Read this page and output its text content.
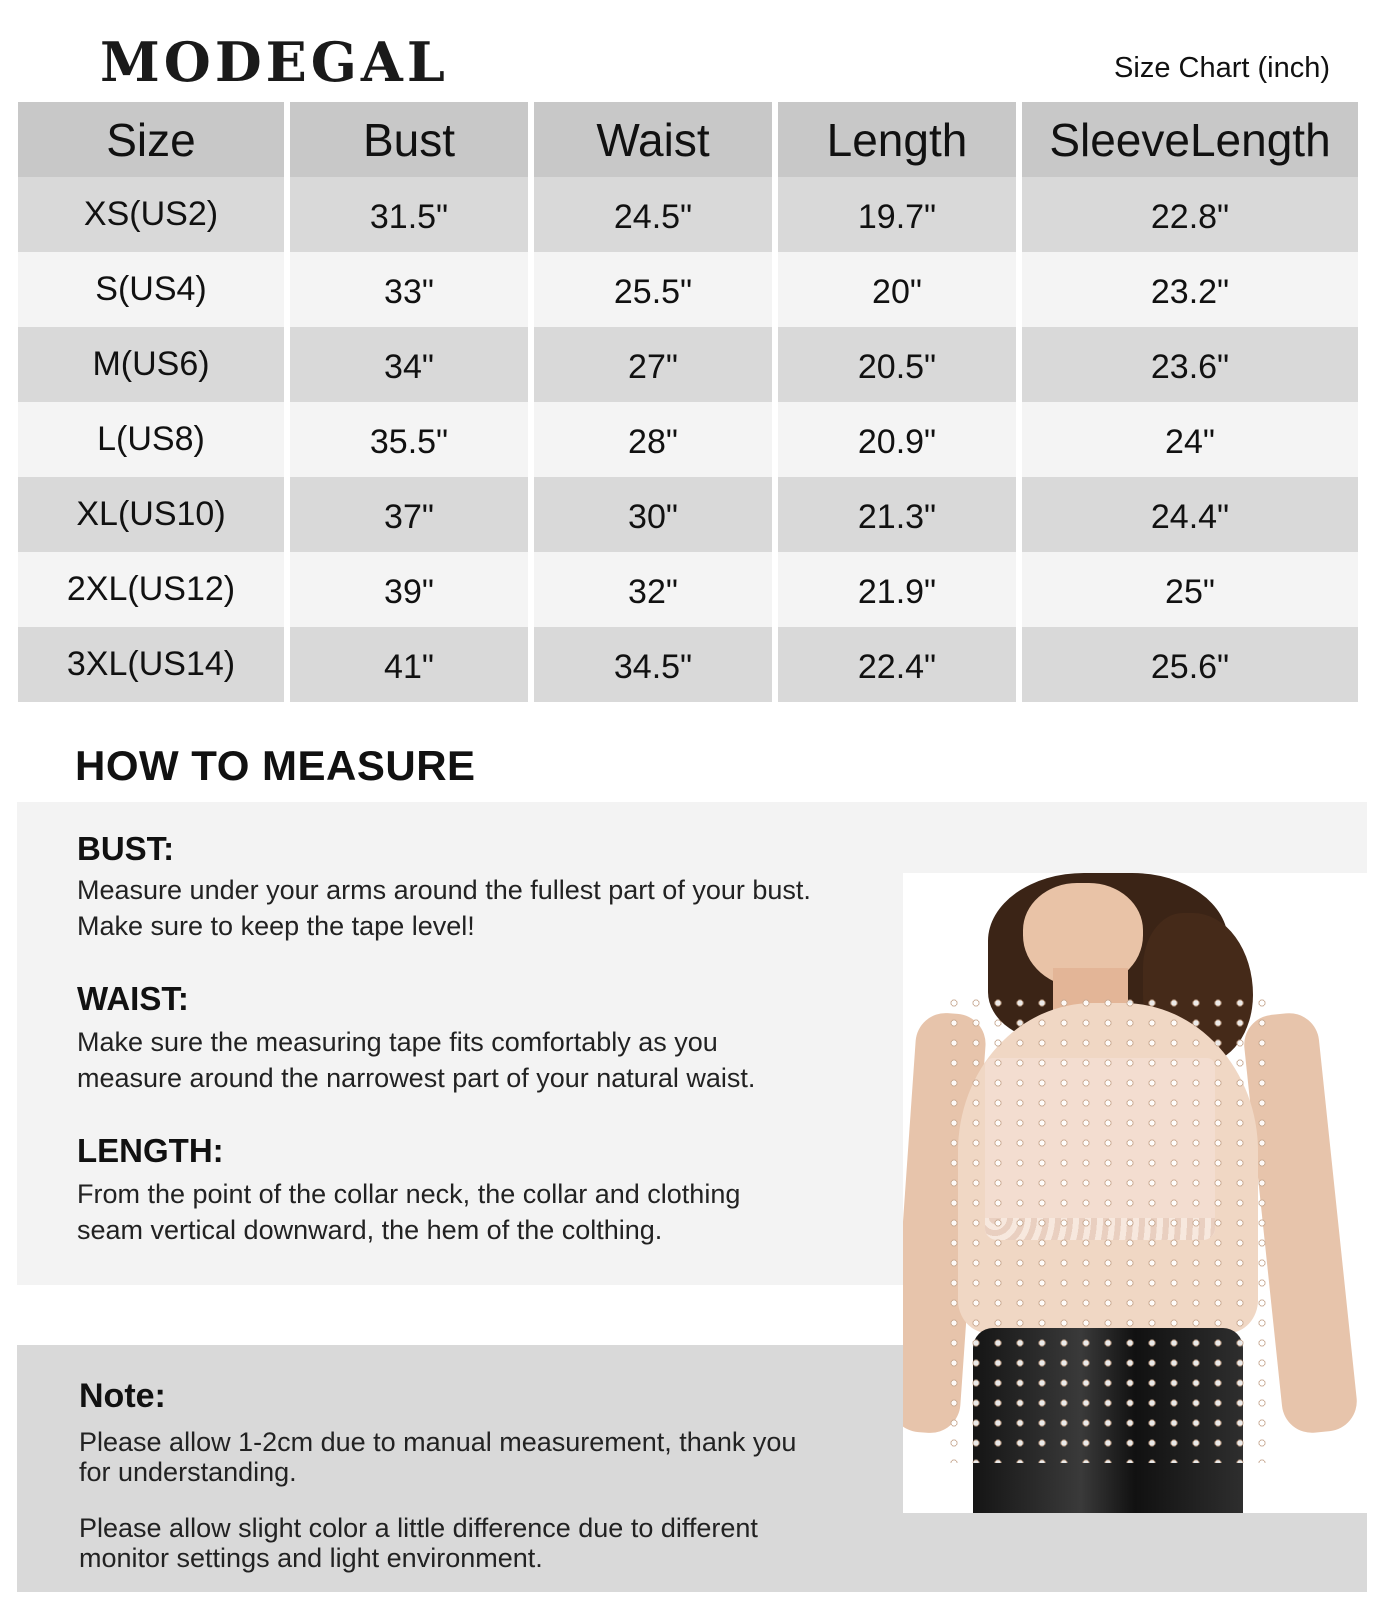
MODEGAL	Size Chart (inch)
Size	Bust	Waist	Length	SleeveLength
XS(US2)	31.5"	24.5"	19.7"	22.8"
S(US4)	33"	25.5"	20"	23.2"
M(US6)	34"	27"	20.5"	23.6"
L(US8)	35.5"	28"	20.9"	24"
XL(US10)	37"	30"	21.3"	24.4"
2XL(US12)	39"	32"	21.9"	25"
3XL(US14)	41"	34.5"	22.4"	25.6"
HOW TO MEASURE
BUST:
Measure under your arms around the fullest part of your bust.
Make sure to keep the tape level!
WAIST:
Make sure the measuring tape fits comfortably as you
measure around the narrowest part of your natural waist.
LENGTH:
From the point of the collar neck, the collar and clothing
seam vertical downward, the hem of the colthing.
Note:
Please allow 1-2cm due to manual measurement, thank you
for understanding.
Please allow slight color a little difference due to different
monitor settings and light environment.
